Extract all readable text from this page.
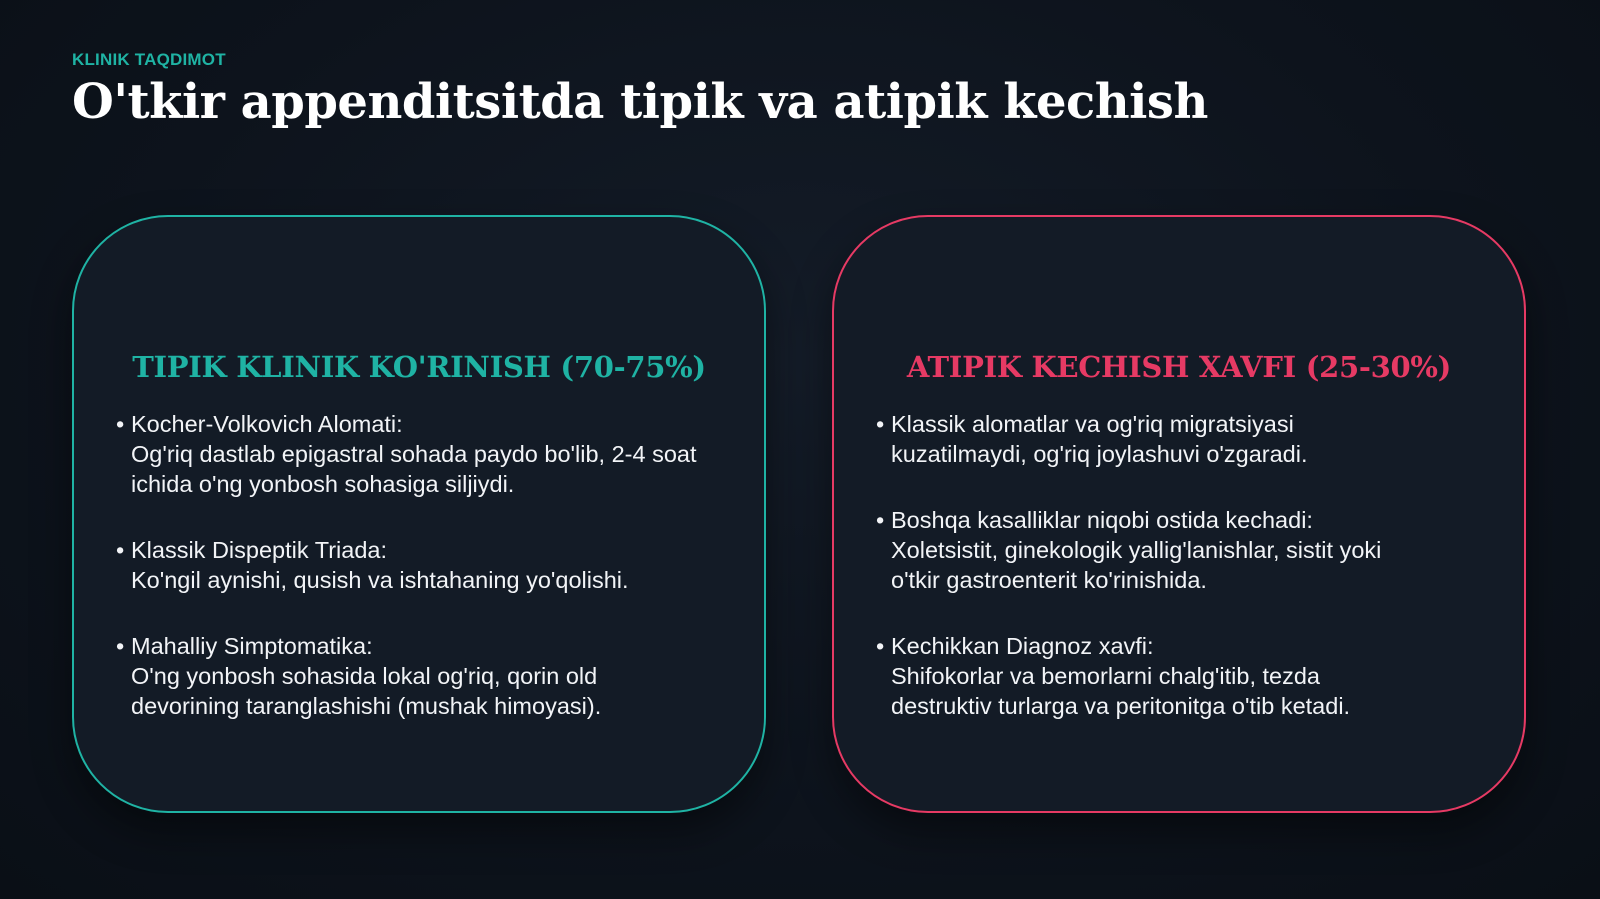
KLINIK TAQDIMOT
O'tkir appenditsitda tipik va atipik kechish
TIPIK KLINIK KO'RINISH (70-75%)
• Kocher-Volkovich Alomati:
Og'riq dastlab epigastral sohada paydo bo'lib, 2-4 soat
ichida o'ng yonbosh sohasiga siljiydi.
• Klassik Dispeptik Triada:
Ko'ngil aynishi, qusish va ishtahaning yo'qolishi.
• Mahalliy Simptomatika:
O'ng yonbosh sohasida lokal og'riq, qorin old
devorining taranglashishi (mushak himoyasi).
ATIPIK KECHISH XAVFI (25-30%)
• Klassik alomatlar va og'riq migratsiyasi
kuzatilmaydi, og'riq joylashuvi o'zgaradi.
• Boshqa kasalliklar niqobi ostida kechadi:
Xoletsistit, ginekologik yallig'lanishlar, sistit yoki
o'tkir gastroenterit ko'rinishida.
• Kechikkan Diagnoz xavfi:
Shifokorlar va bemorlarni chalg'itib, tezda
destruktiv turlarga va peritonitga o'tib ketadi.
